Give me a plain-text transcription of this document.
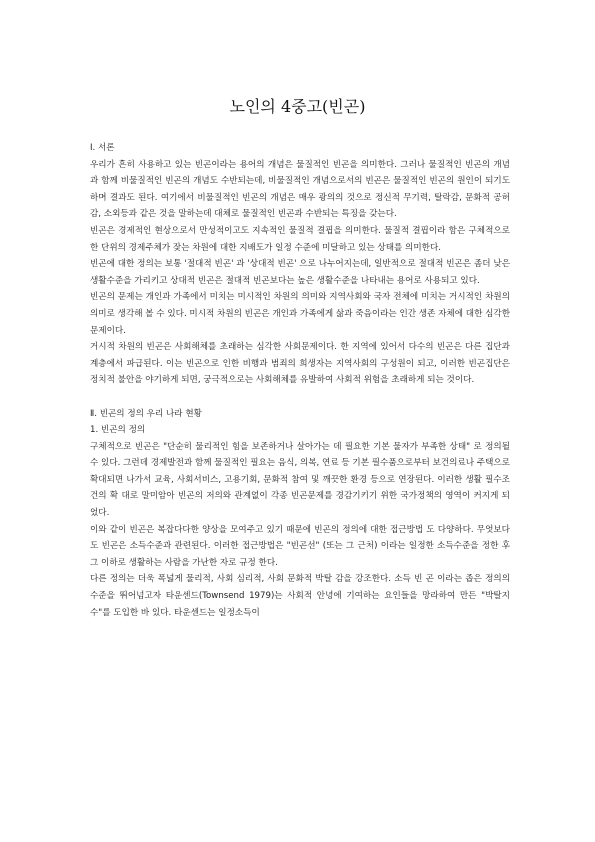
노인의 4중고(빈곤)
Ⅰ. 서론
우리가 흔히 사용하고 있는 빈곤이라는 용어의 개념은 물질적인 빈곤을 의미한다. 그러나 물질적인 빈곤의 개념과 함께 비물질적인 빈곤의 개념도 수반되는데, 비물질적인 개념으로서의 빈곤은 물질적인 빈곤의 원인이 되기도 하며 결과도 된다. 여기에서 비물질적인 빈곤의 개념은 매우 광의의 것으로 정신적 무기력, 탈락감, 문화적 공허감, 소외등과 같은 것을 말하는데 대체로 물질적인 빈곤과 수반되는 특징을 갖는다.
빈곤은 경제적인 현상으로서 만성적이고도 지속적인 물질적 결핍을 의미한다. 물질적 결핍이라 함은 구체적으로 한 단위의 경제주체가 잦는 차원에 대한 지배도가 일정 수준에 미달하고 있는 상태를 의미한다.
빈곤에 대한 정의는 보통 '절대적 빈곤' 과 '상대적 빈곤' 으로 나누어지는데, 일반적으로 절대적 빈곤은 좀더 낮은 생활수준을 가리키고 상대적 빈곤은 절대적 빈곤보다는 높은 생활수준을 나타내는 용어로 사용되고 있다.
빈곤의 문제는 개인과 가족에서 미치는 미시적인 차원의 의미와 지역사회와 국자 전체에 미치는 거시적인 차원의 의미로 생각해 볼 수 있다. 미시적 차원의 빈곤은 개인과 가족에게 삶과 죽음이라는 인간 생존 자체에 대한 심각한 문제이다.
거시적 차원의 빈곤은 사회해체를 초래하는 심각한 사회문제이다. 한 지역에 있어서 다수의 빈곤은 다른 집단과 계층에서 파급된다. 이는 빈곤으로 인한 비행과 범죄의 희생자는 지역사회의 구성원이 되고, 이러한 빈곤집단은 정치적 불안을 야기하게 되면, 궁극적으로는 사회해체를 유발하여 사회적 위험을 초래하게 되는 것이다.
Ⅱ. 빈곤의 정의 우리 나라 현황
1. 빈곤의 정의
구체적으로 빈곤은 "단순히 물리적인 힘을 보존하거나 살아가는 데 필요한 기본 물자가 부족한 상태" 로 정의될 수 있다. 그런데 경제발전과 함께 물질적인 필요는 음식, 의복, 연료 등 기본 필수품으로부터 보건의료나 주택으로 확대되면 나가서 교육, 사회서비스, 고용기회, 문화적 참여 및 깨끗한 환경 등으로 연장된다. 이러한 생활 필수조건의 확 대로 말미암아 빈곤의 저의와 관계없이 각종 빈곤문제를 경감기키기 위한 국가정책의 영역이 커지게 되었다.
이와 같이 빈곤은 복잡다다한 양상을 모여주고 있기 때문에 빈곤의 정의에 대한 접근방법 도 다양하다. 무엇보다도 빈곤은 소득수준과 관련된다. 이러한 접근방법은 "빈곤선" (또는 그 근처) 이라는 일정한 소득수준을 정한 후 그 이하로 생활하는 사람을 가난한 자로 규정 한다.
다른 정의는 더욱 폭넓게 물리적, 사회 심리적, 사회 문화적 박탈 감을 강조한다. 소득 빈 곤 이라는 좁은 정의의 수준을 뛰어넘고자 타운센드(Townsend 1979)는 사회적 안녕에 기여하는 요인들을 망라하여 만든 "박탈지수"를 도입한 바 있다. 타운센드는 일정소득이
